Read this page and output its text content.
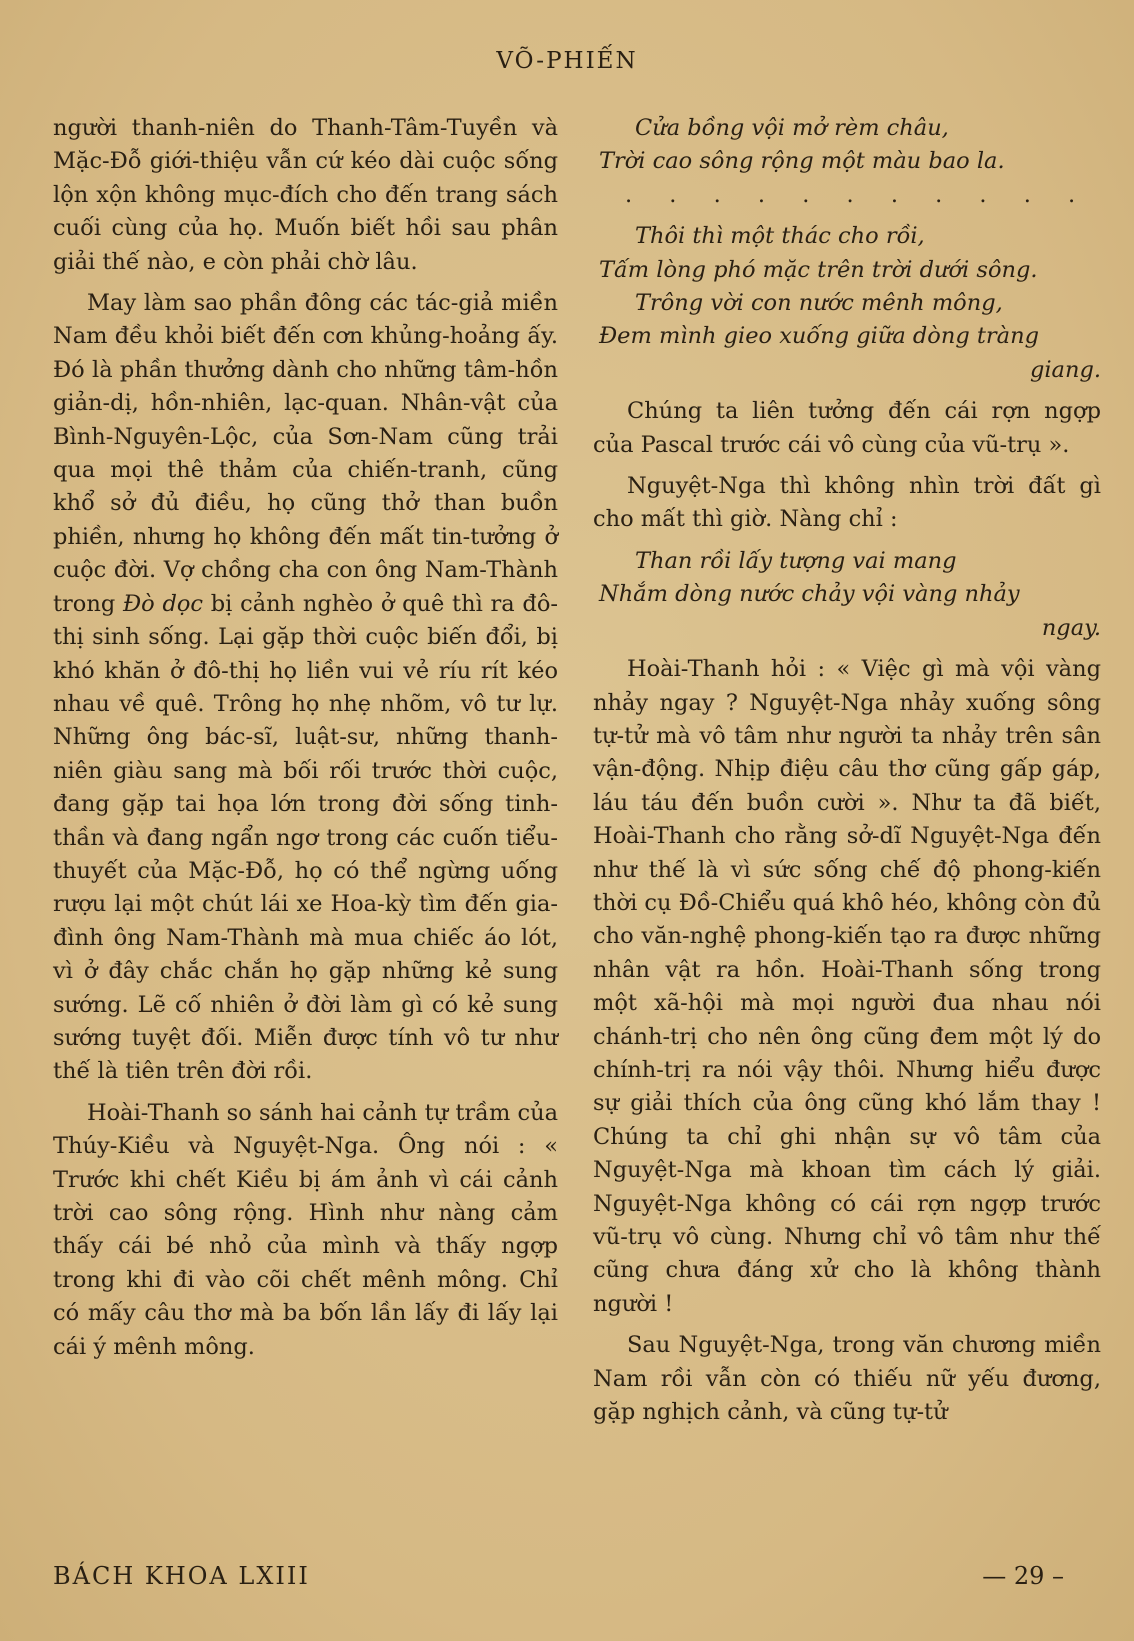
VÕ-PHIẾN

người thanh-niên do Thanh-Tâm-Tuyền và Mặc-Đỗ giới-thiệu vẫn cứ kéo dài cuộc sống lộn xộn không mục-đích cho đến trang sách cuối cùng của họ. Muốn biết hồi sau phân giải thế nào, e còn phải chờ lâu.

May làm sao phần đông các tác-giả miền Nam đều khỏi biết đến cơn khủng-hoảng ấy. Đó là phần thưởng dành cho những tâm-hồn giản-dị, hồn-nhiên, lạc-quan. Nhân-vật của Bình-Nguyên-Lộc, của Sơn-Nam cũng trải qua mọi thê thảm của chiến-tranh, cũng khổ sở đủ điều, họ cũng thở than buồn phiền, nhưng họ không đến mất tin-tưởng ở cuộc đời. Vợ chồng cha con ông Nam-Thành trong Đò dọc bị cảnh nghèo ở quê thì ra đô-thị sinh sống. Lại gặp thời cuộc biến đổi, bị khó khăn ở đô-thị họ liền vui vẻ ríu rít kéo nhau về quê. Trông họ nhẹ nhõm, vô tư lự. Những ông bác-sĩ, luật-sư, những thanh-niên giàu sang mà bối rối trước thời cuộc, đang gặp tai họa lớn trong đời sống tinh-thần và đang ngẩn ngơ trong các cuốn tiểu-thuyết của Mặc-Đỗ, họ có thể ngừng uống rượu lại một chút lái xe Hoa-kỳ tìm đến gia-đình ông Nam-Thành mà mua chiếc áo lót, vì ở đây chắc chắn họ gặp những kẻ sung sướng. Lẽ cố nhiên ở đời làm gì có kẻ sung sướng tuyệt đối. Miễn được tính vô tư như thế là tiên trên đời rồi.

Hoài-Thanh so sánh hai cảnh tự trầm của Thúy-Kiều và Nguyệt-Nga. Ông nói : « Trước khi chết Kiều bị ám ảnh vì cái cảnh trời cao sông rộng. Hình như nàng cảm thấy cái bé nhỏ của mình và thấy ngợp trong khi đi vào cõi chết mênh mông. Chỉ có mấy câu thơ mà ba bốn lần lấy đi lấy lại cái ý mênh mông.

Cửa bồng vội mở rèm châu,
Trời cao sông rộng một màu bao la.
. . . . . . . . . . .
Thôi thì một thác cho rồi,
Tấm lòng phó mặc trên trời dưới sông.
Trông vời con nước mênh mông,
Đem mình gieo xuống giữa dòng tràng
giang.

Chúng ta liên tưởng đến cái rợn ngợp của Pascal trước cái vô cùng của vũ-trụ ».

Nguyệt-Nga thì không nhìn trời đất gì cho mất thì giờ. Nàng chỉ :

Than rồi lấy tượng vai mang
Nhắm dòng nước chảy vội vàng nhảy
ngay.

Hoài-Thanh hỏi : « Việc gì mà vội vàng nhảy ngay ? Nguyệt-Nga nhảy xuống sông tự-tử mà vô tâm như người ta nhảy trên sân vận-động. Nhịp điệu câu thơ cũng gấp gáp, láu táu đến buồn cười ». Như ta đã biết, Hoài-Thanh cho rằng sở-dĩ Nguyệt-Nga đến như thế là vì sức sống chế độ phong-kiến thời cụ Đồ-Chiểu quá khô héo, không còn đủ cho văn-nghệ phong-kiến tạo ra được những nhân vật ra hồn. Hoài-Thanh sống trong một xã-hội mà mọi người đua nhau nói chánh-trị cho nên ông cũng đem một lý do chính-trị ra nói vậy thôi. Nhưng hiểu được sự giải thích của ông cũng khó lắm thay ! Chúng ta chỉ ghi nhận sự vô tâm của Nguyệt-Nga mà khoan tìm cách lý giải. Nguyệt-Nga không có cái rợn ngợp trước vũ-trụ vô cùng. Nhưng chỉ vô tâm như thế cũng chưa đáng xử cho là không thành người !

Sau Nguyệt-Nga, trong văn chương miền Nam rồi vẫn còn có thiếu nữ yếu đương, gặp nghịch cảnh, và cũng tự-tử

BÁCH KHOA LXIII	— 29 –
